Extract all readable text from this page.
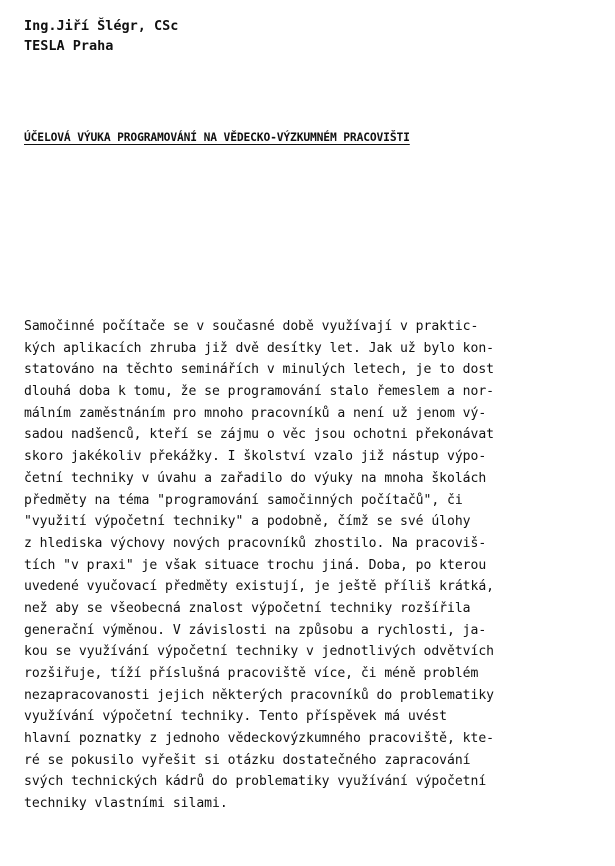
Ing.Jiří Šlégr, CSc
TESLA Praha
ÚČELOVÁ VÝUKA PROGRAMOVÁNÍ NA VĚDECKO-VÝZKUMNÉM PRACOVIŠTI
Samočinné počítače se v současné době využívají v praktic-
kých aplikacích zhruba již dvě desítky let. Jak už bylo kon-
statováno na těchto seminářích v minulých letech, je to dost
dlouhá doba k tomu, že se programování stalo řemeslem a nor-
málním zaměstnáním pro mnoho pracovníků a není už jenom vý-
sadou nadšenců, kteří se zájmu o věc jsou ochotni překonávat
skoro jakékoliv překážky. I školství vzalo již nástup výpo-
četní techniky v úvahu a zařadilo do výuky na mnoha školách
předměty na téma "programování samočinných počítačů", či
"využití výpočetní techniky" a podobně, čímž se své úlohy
z hlediska výchovy nových pracovníků zhostilo. Na pracoviš-
tích "v praxi" je však situace trochu jiná. Doba, po kterou
uvedené vyučovací předměty existují, je ještě příliš krátká,
než aby se všeobecná znalost výpočetní techniky rozšířila
generační výměnou. V závislosti na způsobu a rychlosti, ja-
kou se využívání výpočetní techniky v jednotlivých odvětvích
rozšiřuje, tíží příslušná pracoviště více, či méně problém
nezapracovanosti jejich některých pracovníků do problematiky
využívání výpočetní techniky. Tento příspěvek má uvést
hlavní poznatky z jednoho vědeckovýzkumného pracoviště, kte-
ré se pokusilo vyřešit si otázku dostatečného zapracování
svých technických kádrů do problematiky využívání výpočetní
techniky vlastními silami.
